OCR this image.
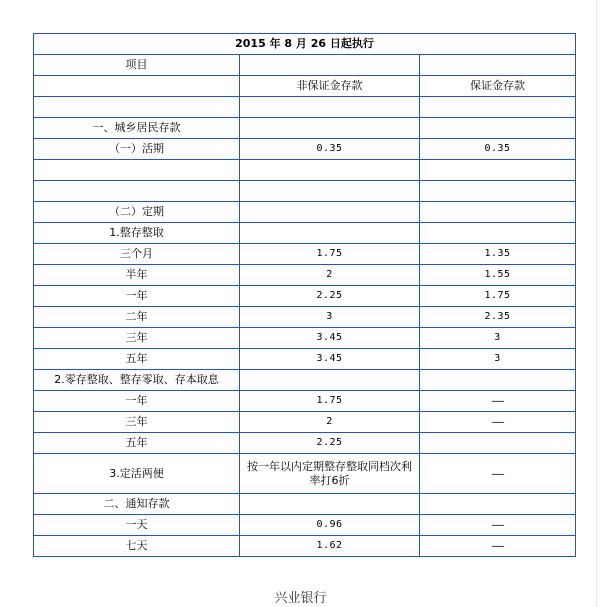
2015 年 8 月 26 日起执行		
项目		
	非保证金存款	保证金存款

一、城乡居民存款		
（一）活期	0.35	0.35

（二）定期		
1.整存整取		
三个月	1.75	1.35
半年	2	1.55
一年	2.25	1.75
二年	3	2.35
三年	3.45	3
五年	3.45	3
2.零存整取、整存零取、存本取息		
一年	1.75	——
三年	2	——
五年	2.25	
3.定活两便	按一年以内定期整存整取同档次利率打6折	——
二、通知存款		
一天	0.96	——
七天	1.62	——
兴业银行
